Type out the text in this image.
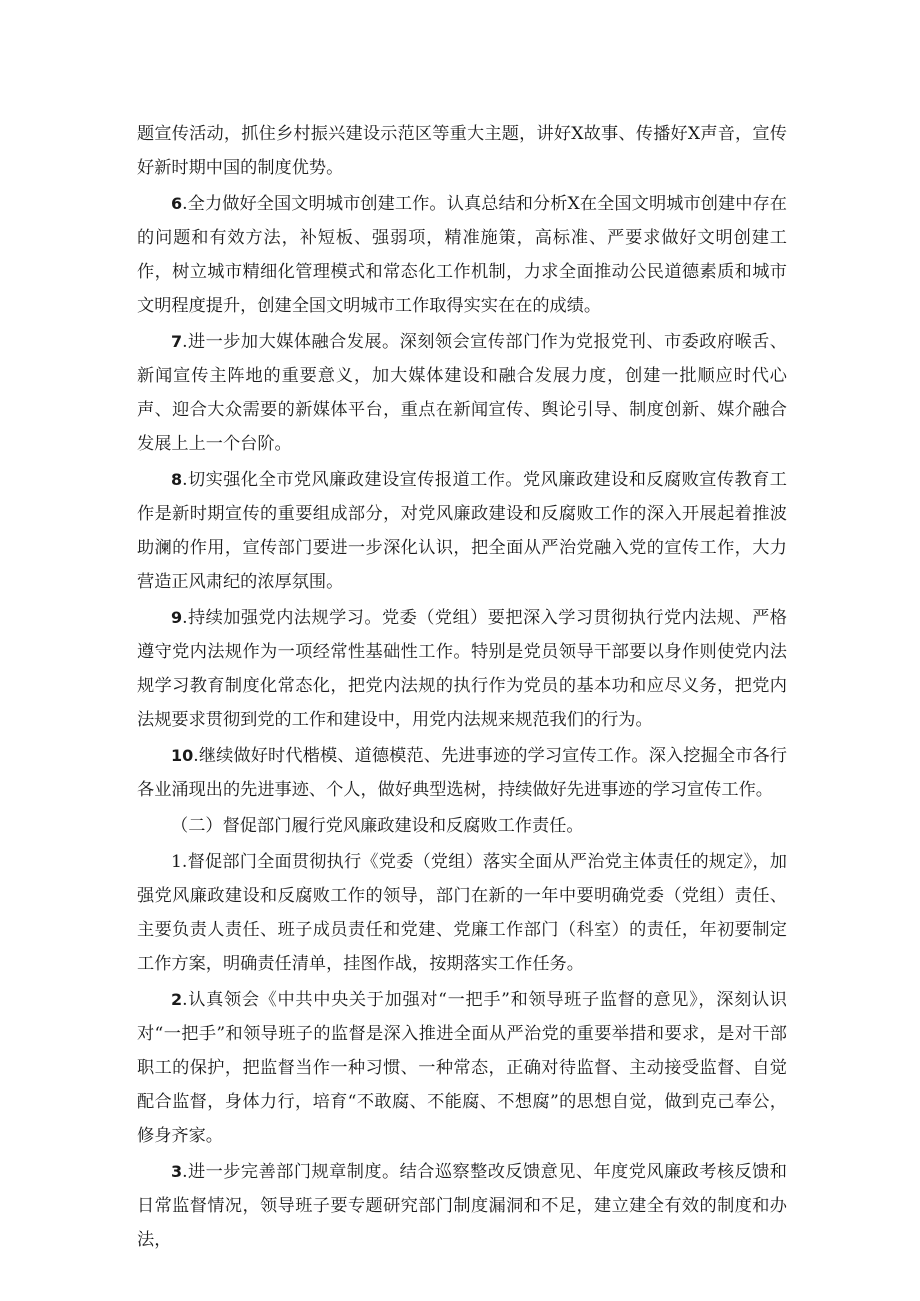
题宣传活动，抓住乡村振兴建设示范区等重大主题，讲好X故事、传播好X声音，宣传好新时期中国的制度优势。

6.全力做好全国文明城市创建工作。认真总结和分析X在全国文明城市创建中存在的问题和有效方法，补短板、强弱项，精准施策，高标准、严要求做好文明创建工作，树立城市精细化管理模式和常态化工作机制，力求全面推动公民道德素质和城市文明程度提升，创建全国文明城市工作取得实实在在的成绩。

7.进一步加大媒体融合发展。深刻领会宣传部门作为党报党刊、市委政府喉舌、新闻宣传主阵地的重要意义，加大媒体建设和融合发展力度，创建一批顺应时代心声、迎合大众需要的新媒体平台，重点在新闻宣传、舆论引导、制度创新、媒介融合发展上上一个台阶。

8.切实强化全市党风廉政建设宣传报道工作。党风廉政建设和反腐败宣传教育工作是新时期宣传的重要组成部分，对党风廉政建设和反腐败工作的深入开展起着推波助澜的作用，宣传部门要进一步深化认识，把全面从严治党融入党的宣传工作，大力营造正风肃纪的浓厚氛围。

9.持续加强党内法规学习。党委（党组）要把深入学习贯彻执行党内法规、严格遵守党内法规作为一项经常性基础性工作。特别是党员领导干部要以身作则使党内法规学习教育制度化常态化，把党内法规的执行作为党员的基本功和应尽义务，把党内法规要求贯彻到党的工作和建设中，用党内法规来规范我们的行为。

10.继续做好时代楷模、道德模范、先进事迹的学习宣传工作。深入挖掘全市各行各业涌现出的先进事迹、个人，做好典型选树，持续做好先进事迹的学习宣传工作。

（二）督促部门履行党风廉政建设和反腐败工作责任。

1.督促部门全面贯彻执行《党委（党组）落实全面从严治党主体责任的规定》，加强党风廉政建设和反腐败工作的领导，部门在新的一年中要明确党委（党组）责任、主要负责人责任、班子成员责任和党建、党廉工作部门（科室）的责任，年初要制定工作方案，明确责任清单，挂图作战，按期落实工作任务。

2.认真领会《中共中央关于加强对“一把手”和领导班子监督的意见》，深刻认识对“一把手”和领导班子的监督是深入推进全面从严治党的重要举措和要求，是对干部职工的保护，把监督当作一种习惯、一种常态，正确对待监督、主动接受监督、自觉配合监督，身体力行，培育“不敢腐、不能腐、不想腐”的思想自觉，做到克己奉公，修身齐家。

3.进一步完善部门规章制度。结合巡察整改反馈意见、年度党风廉政考核反馈和日常监督情况，领导班子要专题研究部门制度漏洞和不足，建立建全有效的制度和办法，
